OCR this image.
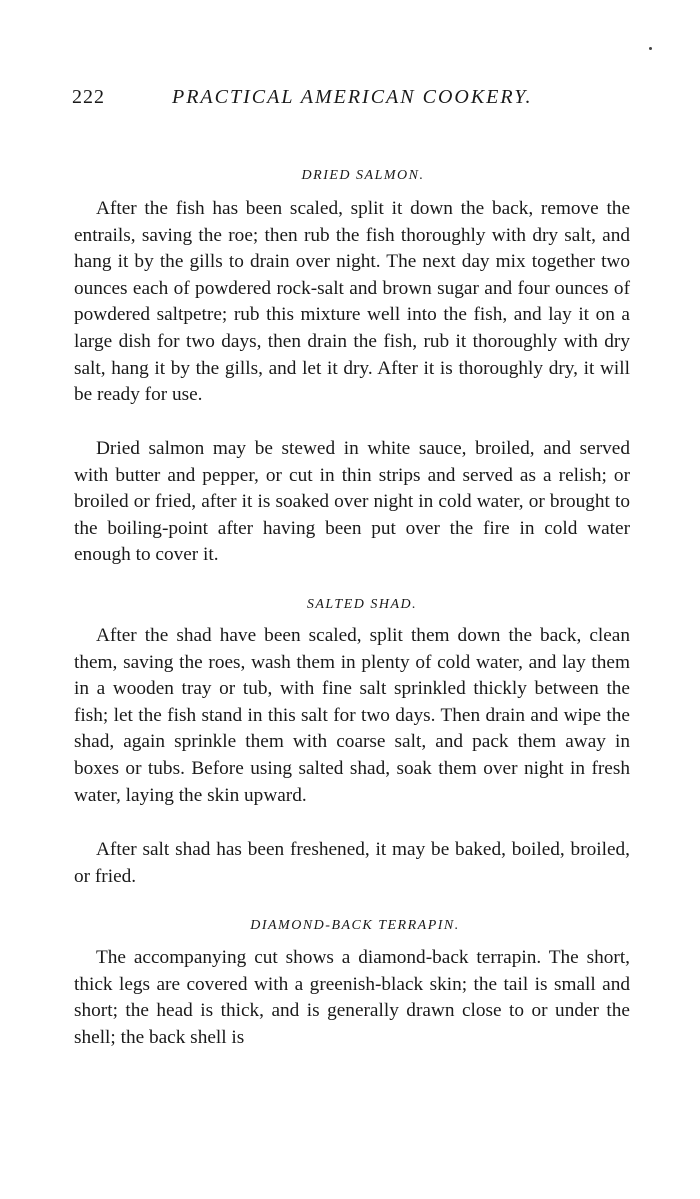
222	PRACTICAL AMERICAN COOKERY.
DRIED SALMON.

After the fish has been scaled, split it down the back, remove the entrails, saving the roe; then rub the fish thoroughly with dry salt, and hang it by the gills to drain over night. The next day mix together two ounces each of powdered rock-salt and brown sugar and four ounces of powdered saltpetre; rub this mixture well into the fish, and lay it on a large dish for two days, then drain the fish, rub it thoroughly with dry salt, hang it by the gills, and let it dry. After it is thoroughly dry, it will be ready for use.

Dried salmon may be stewed in white sauce, broiled, and served with butter and pepper, or cut in thin strips and served as a relish; or broiled or fried, after it is soaked over night in cold water, or brought to the boiling-point after having been put over the fire in cold water enough to cover it.

SALTED SHAD.

After the shad have been scaled, split them down the back, clean them, saving the roes, wash them in plenty of cold water, and lay them in a wooden tray or tub, with fine salt sprinkled thickly between the fish; let the fish stand in this salt for two days. Then drain and wipe the shad, again sprinkle them with coarse salt, and pack them away in boxes or tubs. Before using salted shad, soak them over night in fresh water, laying the skin upward.

After salt shad has been freshened, it may be baked, boiled, broiled, or fried.

DIAMOND-BACK TERRAPIN.

The accompanying cut shows a diamond-back terrapin. The short, thick legs are covered with a greenish-black skin; the tail is small and short; the head is thick, and is generally drawn close to or under the shell; the back shell is
